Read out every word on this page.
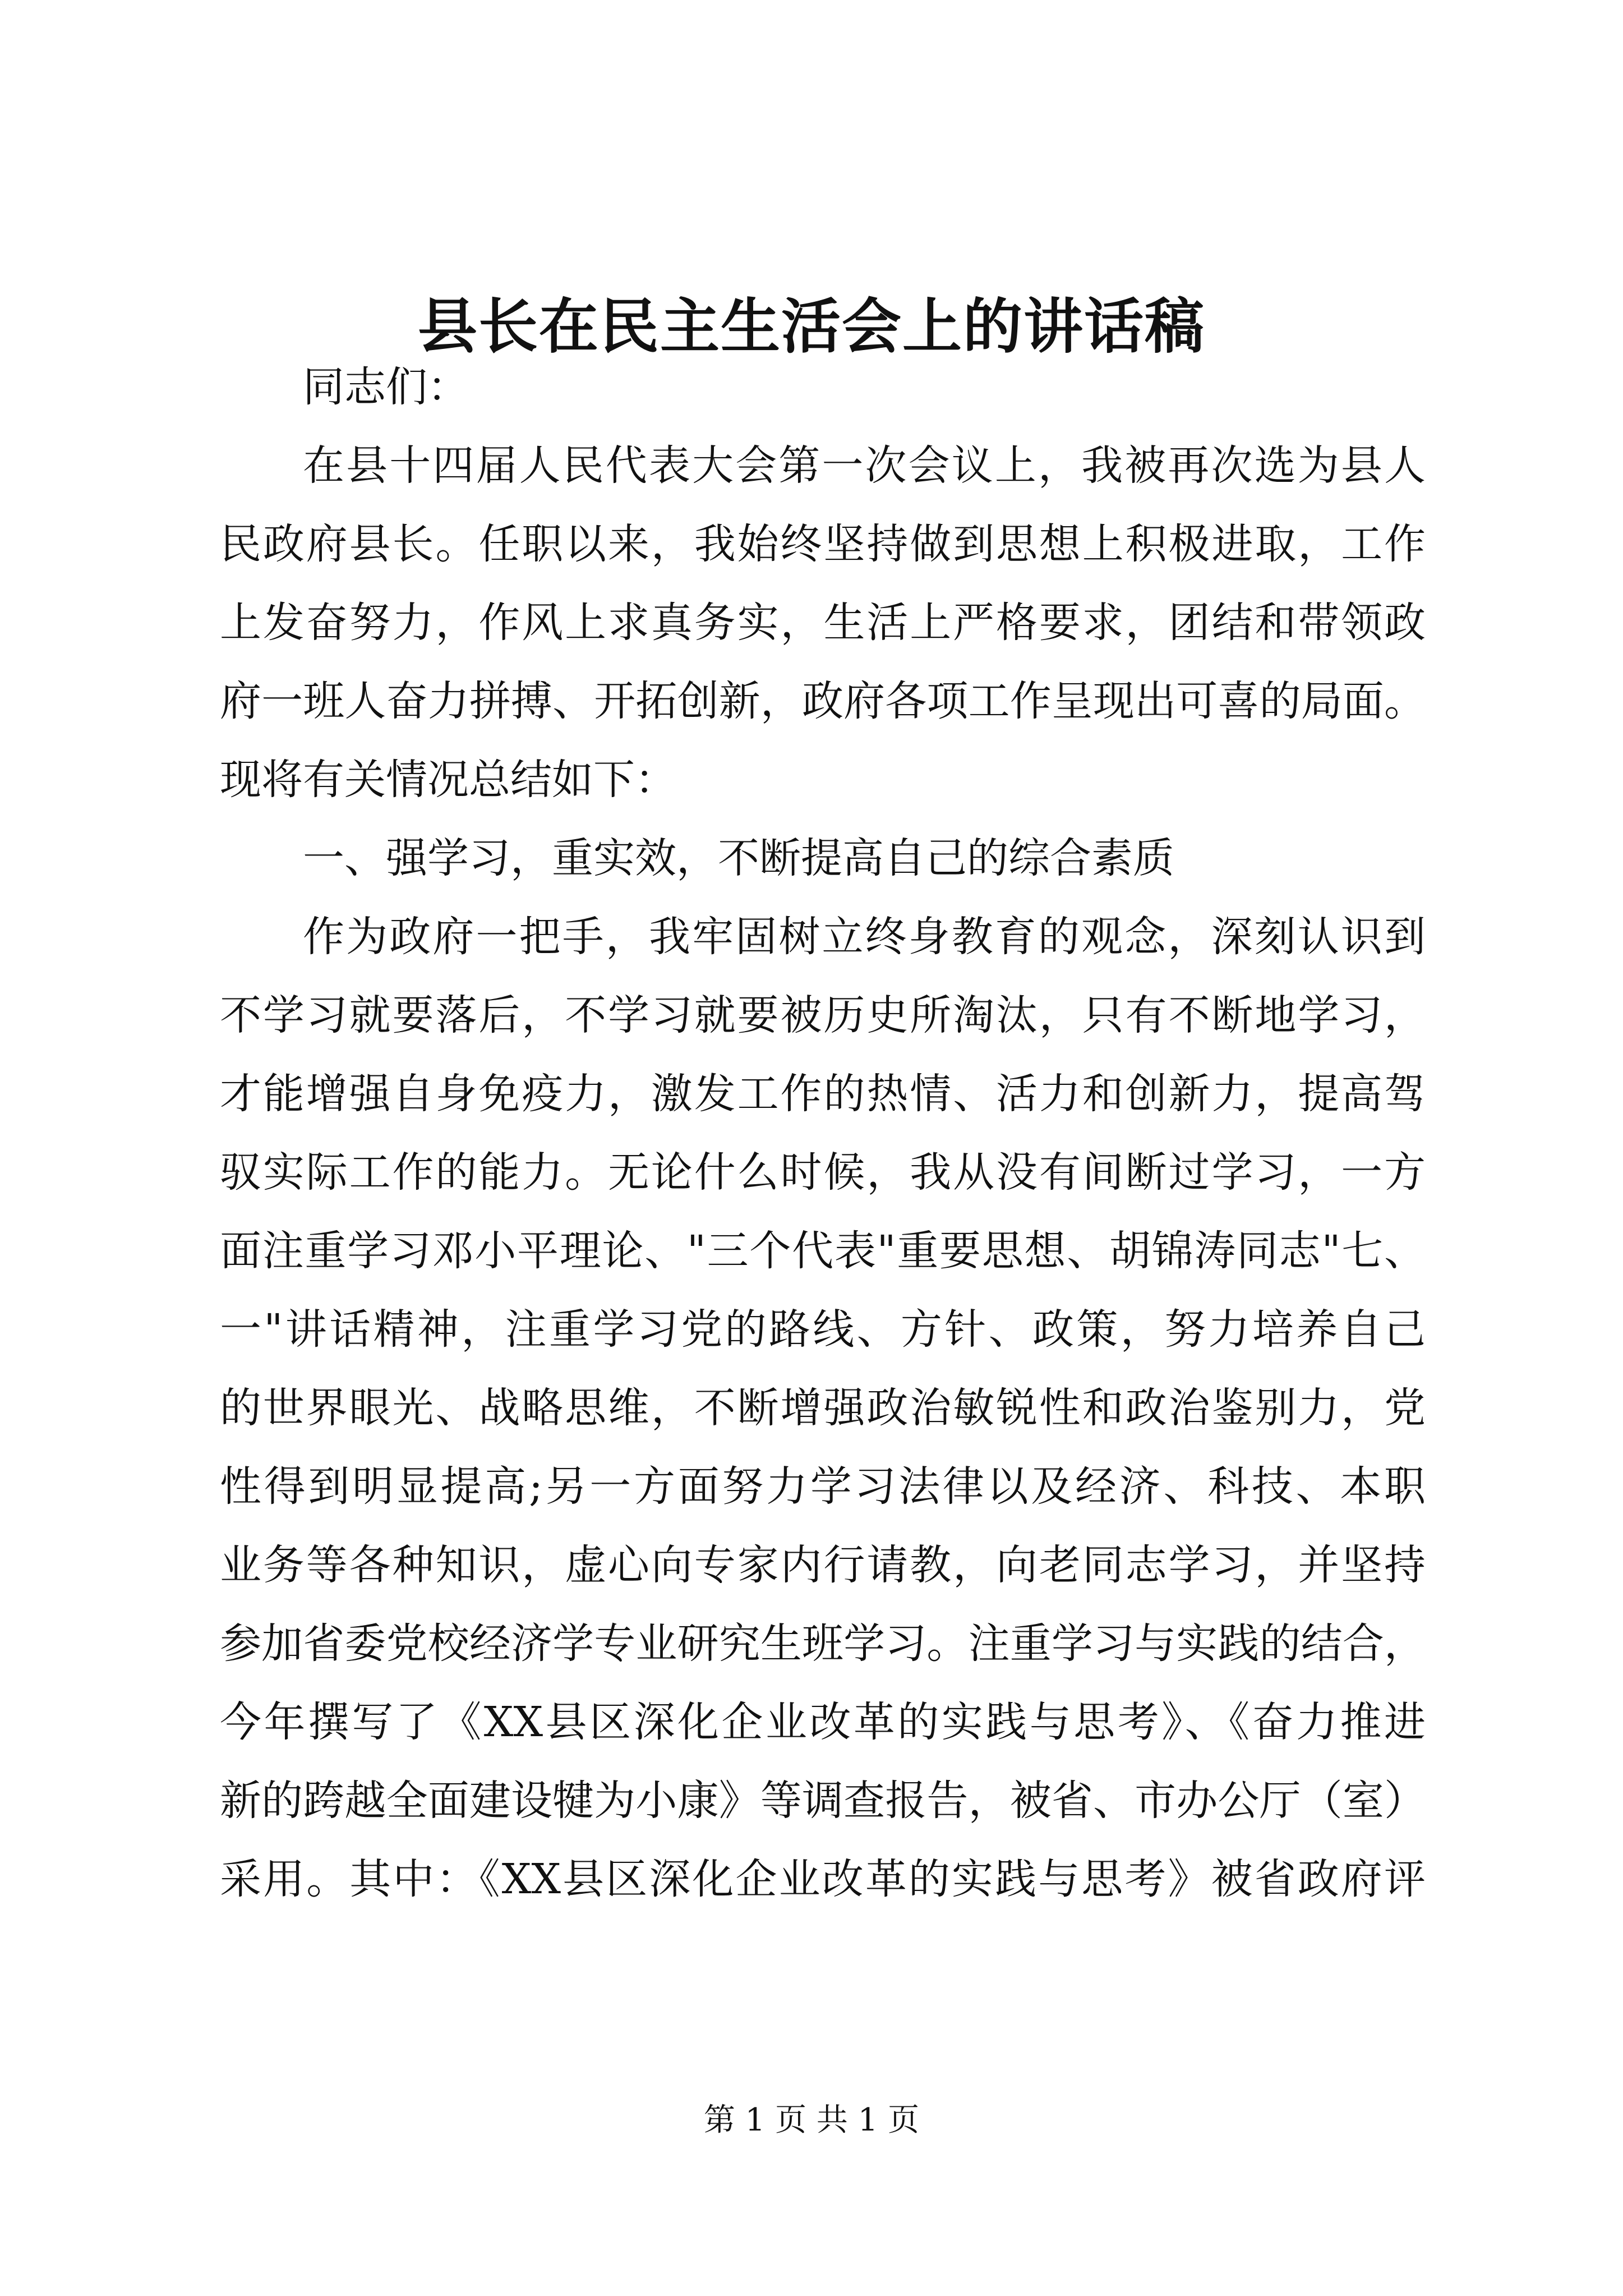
县长在民主生活会上的讲话稿
同志们：
在县十四届人民代表大会第一次会议上，我被再次选为县人
民政府县长。任职以来，我始终坚持做到思想上积极进取，工作
上发奋努力，作风上求真务实，生活上严格要求，团结和带领政
府一班人奋力拼搏、开拓创新，政府各项工作呈现出可喜的局面。
现将有关情况总结如下：
一、强学习，重实效，不断提高自己的综合素质
作为政府一把手，我牢固树立终身教育的观念，深刻认识到
不学习就要落后，不学习就要被历史所淘汰，只有不断地学习，
才能增强自身免疫力，激发工作的热情、活力和创新力，提高驾
驭实际工作的能力。无论什么时候，我从没有间断过学习，一方
面注重学习邓小平理论、"三个代表"重要思想、胡锦涛同志"七、
一"讲话精神，注重学习党的路线、方针、政策，努力培养自己
的世界眼光、战略思维，不断增强政治敏锐性和政治鉴别力，党
性得到明显提高;另一方面努力学习法律以及经济、科技、本职
业务等各种知识，虚心向专家内行请教，向老同志学习，并坚持
参加省委党校经济学专业研究生班学习。注重学习与实践的结合，
今年撰写了《XX县区深化企业改革的实践与思考》、《奋力推进
新的跨越全面建设犍为小康》等调查报告，被省、市办公厅（室）
采用。其中：《XX县区深化企业改革的实践与思考》被省政府评
第 1 页 共 1 页
